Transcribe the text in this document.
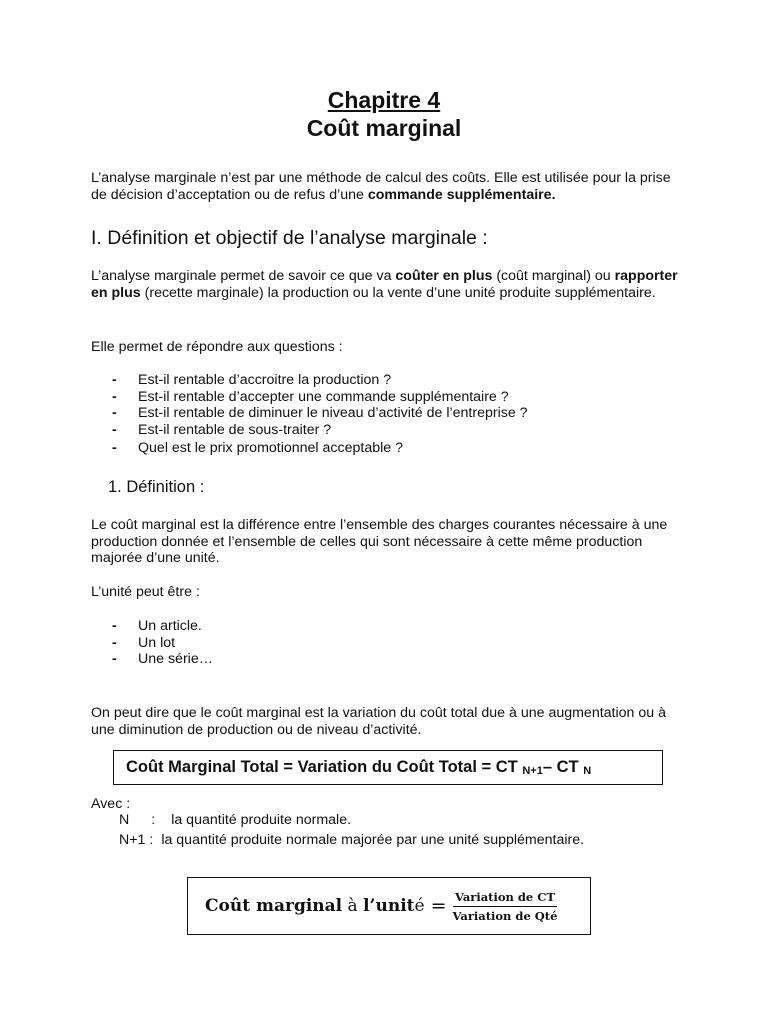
Chapitre 4
Coût marginal
L’analyse marginale n’est par une méthode de calcul des coûts. Elle est utilisée pour la prise de décision d’acceptation ou de refus d’une commande supplémentaire.
I. Définition et objectif de l’analyse marginale :
L’analyse marginale permet de savoir ce que va coûter en plus (coût marginal) ou rapporter en plus (recette marginale) la production ou la vente d’une unité produite supplémentaire.
Elle permet de répondre aux questions :
- Est-il rentable d’accroitre la production ?
- Est-il rentable d’accepter une commande supplémentaire ?
- Est-il rentable de diminuer le niveau d’activité de l’entreprise ?
- Est-il rentable de sous-traiter ?
- Quel est le prix promotionnel acceptable ?
1. Définition :
Le coût marginal est la différence entre l’ensemble des charges courantes nécessaire à une production donnée et l’ensemble de celles qui sont nécessaire à cette même production majorée d’une unité.
L’unité peut être :
- Un article.
- Un lot
- Une série…
On peut dire que le coût marginal est la variation du coût total due à une augmentation ou à une diminution de production ou de niveau d’activité.
Coût Marginal Total = Variation du Coût Total = CT
N+1 – CT
N
Avec :
N : la quantité produite normale.
N+1 : la quantité produite normale majorée par une unité supplémentaire.
Coût marginal
à
l’unit é = $\frac{\text{Variation de CT}}{\text{Variation de Qté}}$
